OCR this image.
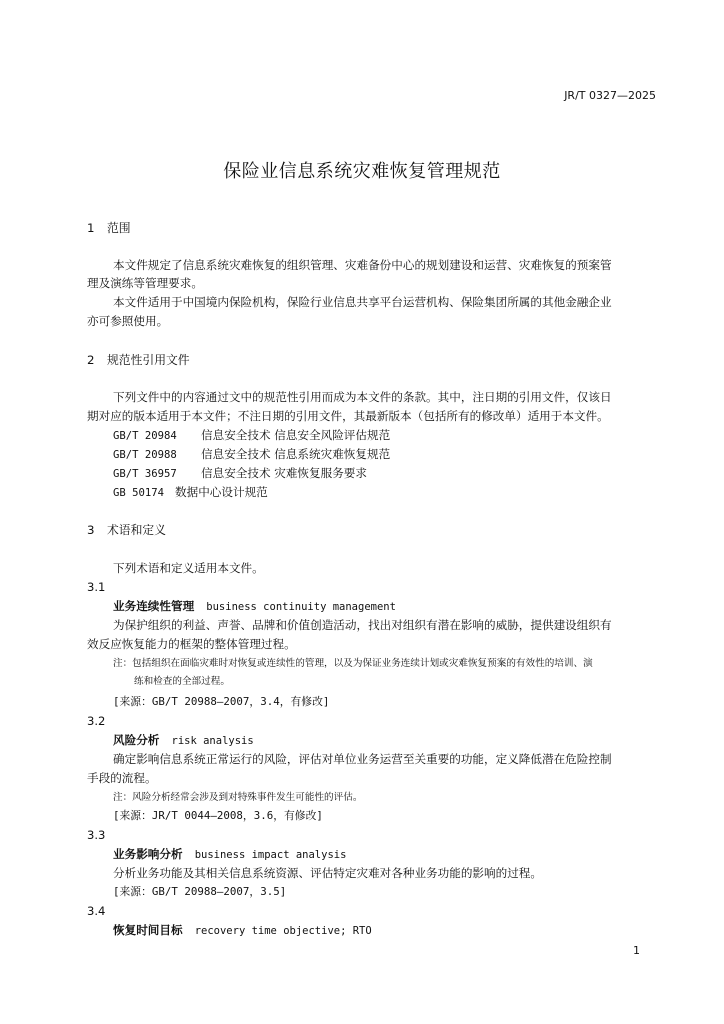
JR/T 0327—2025
保险业信息系统灾难恢复管理规范
1 范围
本文件规定了信息系统灾难恢复的组织管理、灾难备份中心的规划建设和运营、灾难恢复的预案管
理及演练等管理要求。
本文件适用于中国境内保险机构，保险行业信息共享平台运营机构、保险集团所属的其他金融企业
亦可参照使用。
2 规范性引用文件
下列文件中的内容通过文中的规范性引用而成为本文件的条款。其中，注日期的引用文件，仅该日
期对应的版本适用于本文件；不注日期的引用文件，其最新版本（包括所有的修改单）适用于本文件。
GB/T 20984 信息安全技术 信息安全风险评估规范
GB/T 20988 信息安全技术 信息系统灾难恢复规范
GB/T 36957 信息安全技术 灾难恢复服务要求
GB 50174 数据中心设计规范
3 术语和定义
下列术语和定义适用本文件。
3.1
业务连续性管理 business continuity management
为保护组织的利益、声誉、品牌和价值创造活动，找出对组织有潜在影响的威胁，提供建设组织有
效反应恢复能力的框架的整体管理过程。
注：包括组织在面临灾难时对恢复或连续性的管理，以及为保证业务连续计划或灾难恢复预案的有效性的培训、演
练和检查的全部过程。
[来源：GB/T 20988—2007，3.4，有修改]
3.2
风险分析 risk analysis
确定影响信息系统正常运行的风险，评估对单位业务运营至关重要的功能，定义降低潜在危险控制
手段的流程。
注：风险分析经常会涉及到对特殊事件发生可能性的评估。
[来源：JR/T 0044—2008，3.6，有修改]
3.3
业务影响分析 business impact analysis
分析业务功能及其相关信息系统资源、评估特定灾难对各种业务功能的影响的过程。
[来源：GB/T 20988—2007，3.5]
3.4
恢复时间目标 recovery time objective; RTO
1
